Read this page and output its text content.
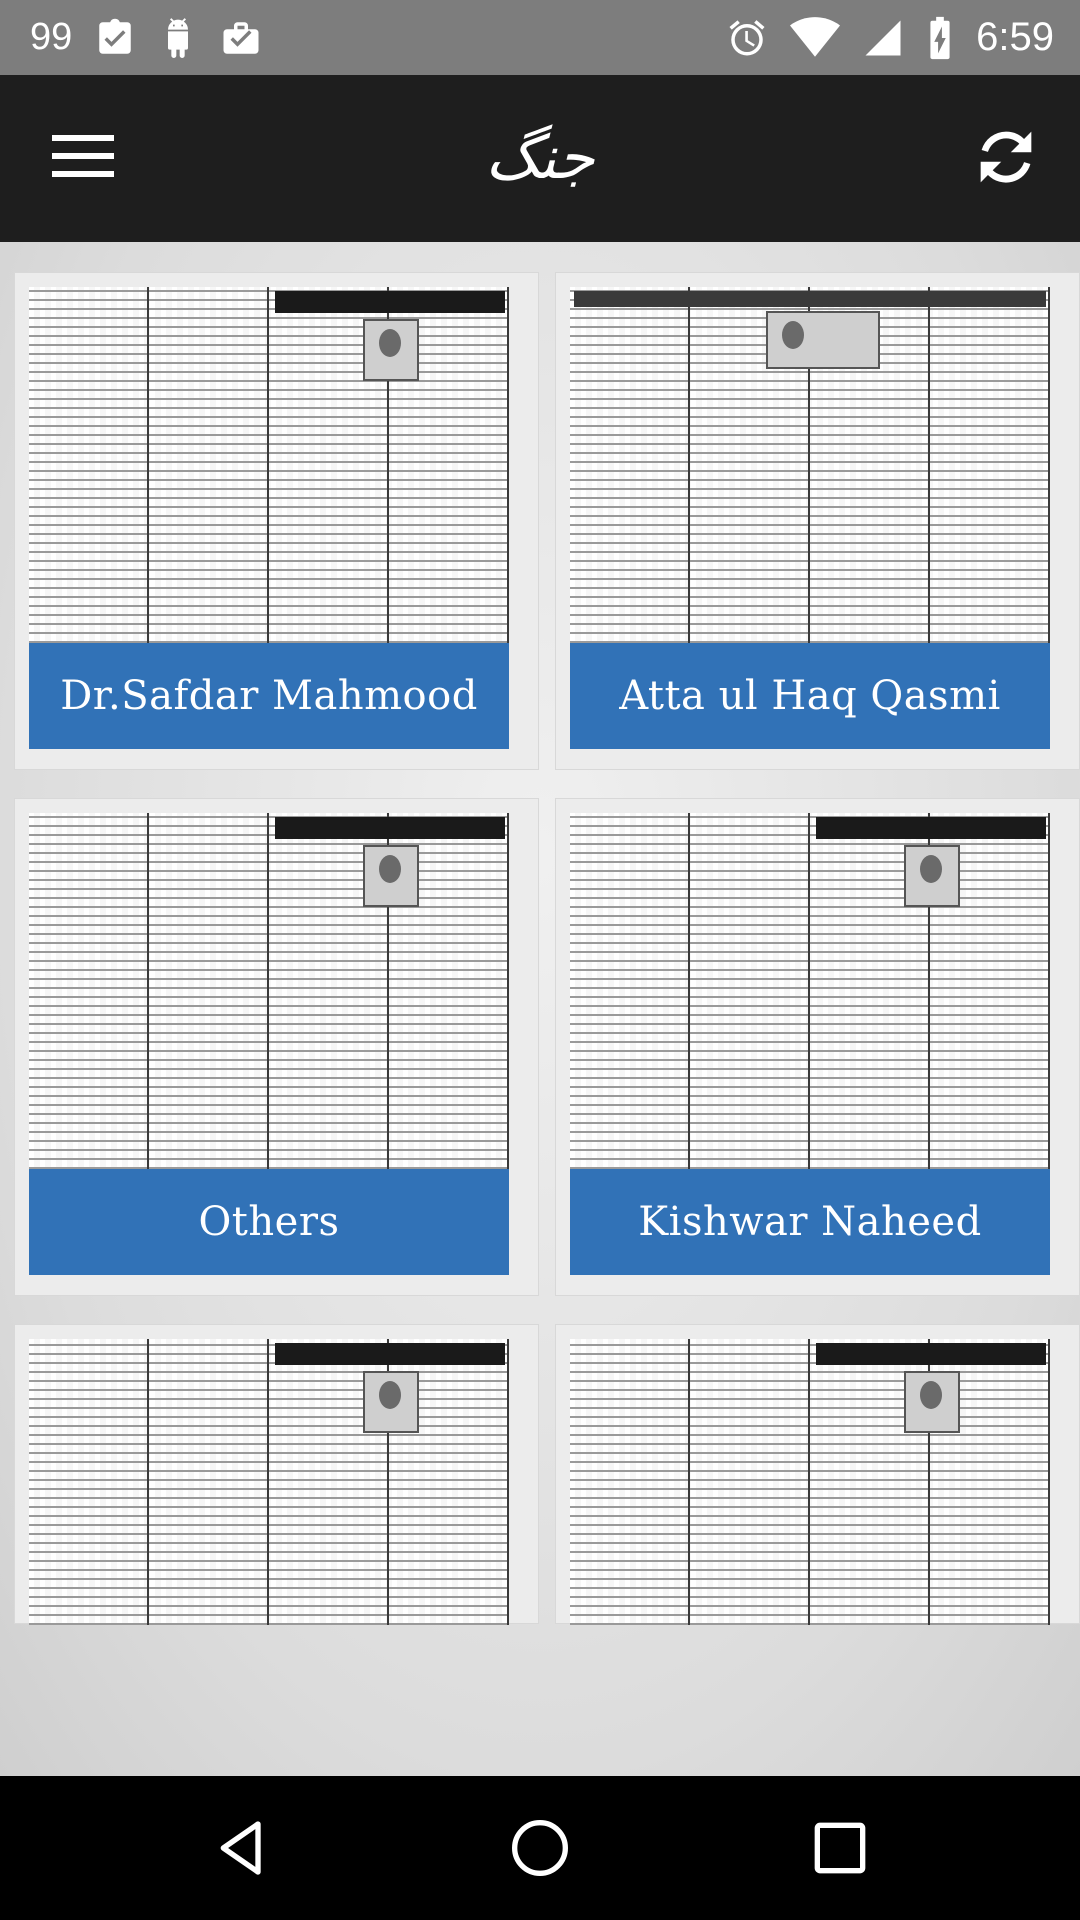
99	6:59
جنگ
Dr.Safdar Mahmood	Atta ul Haq Qasmi
Others	Kishwar Naheed
